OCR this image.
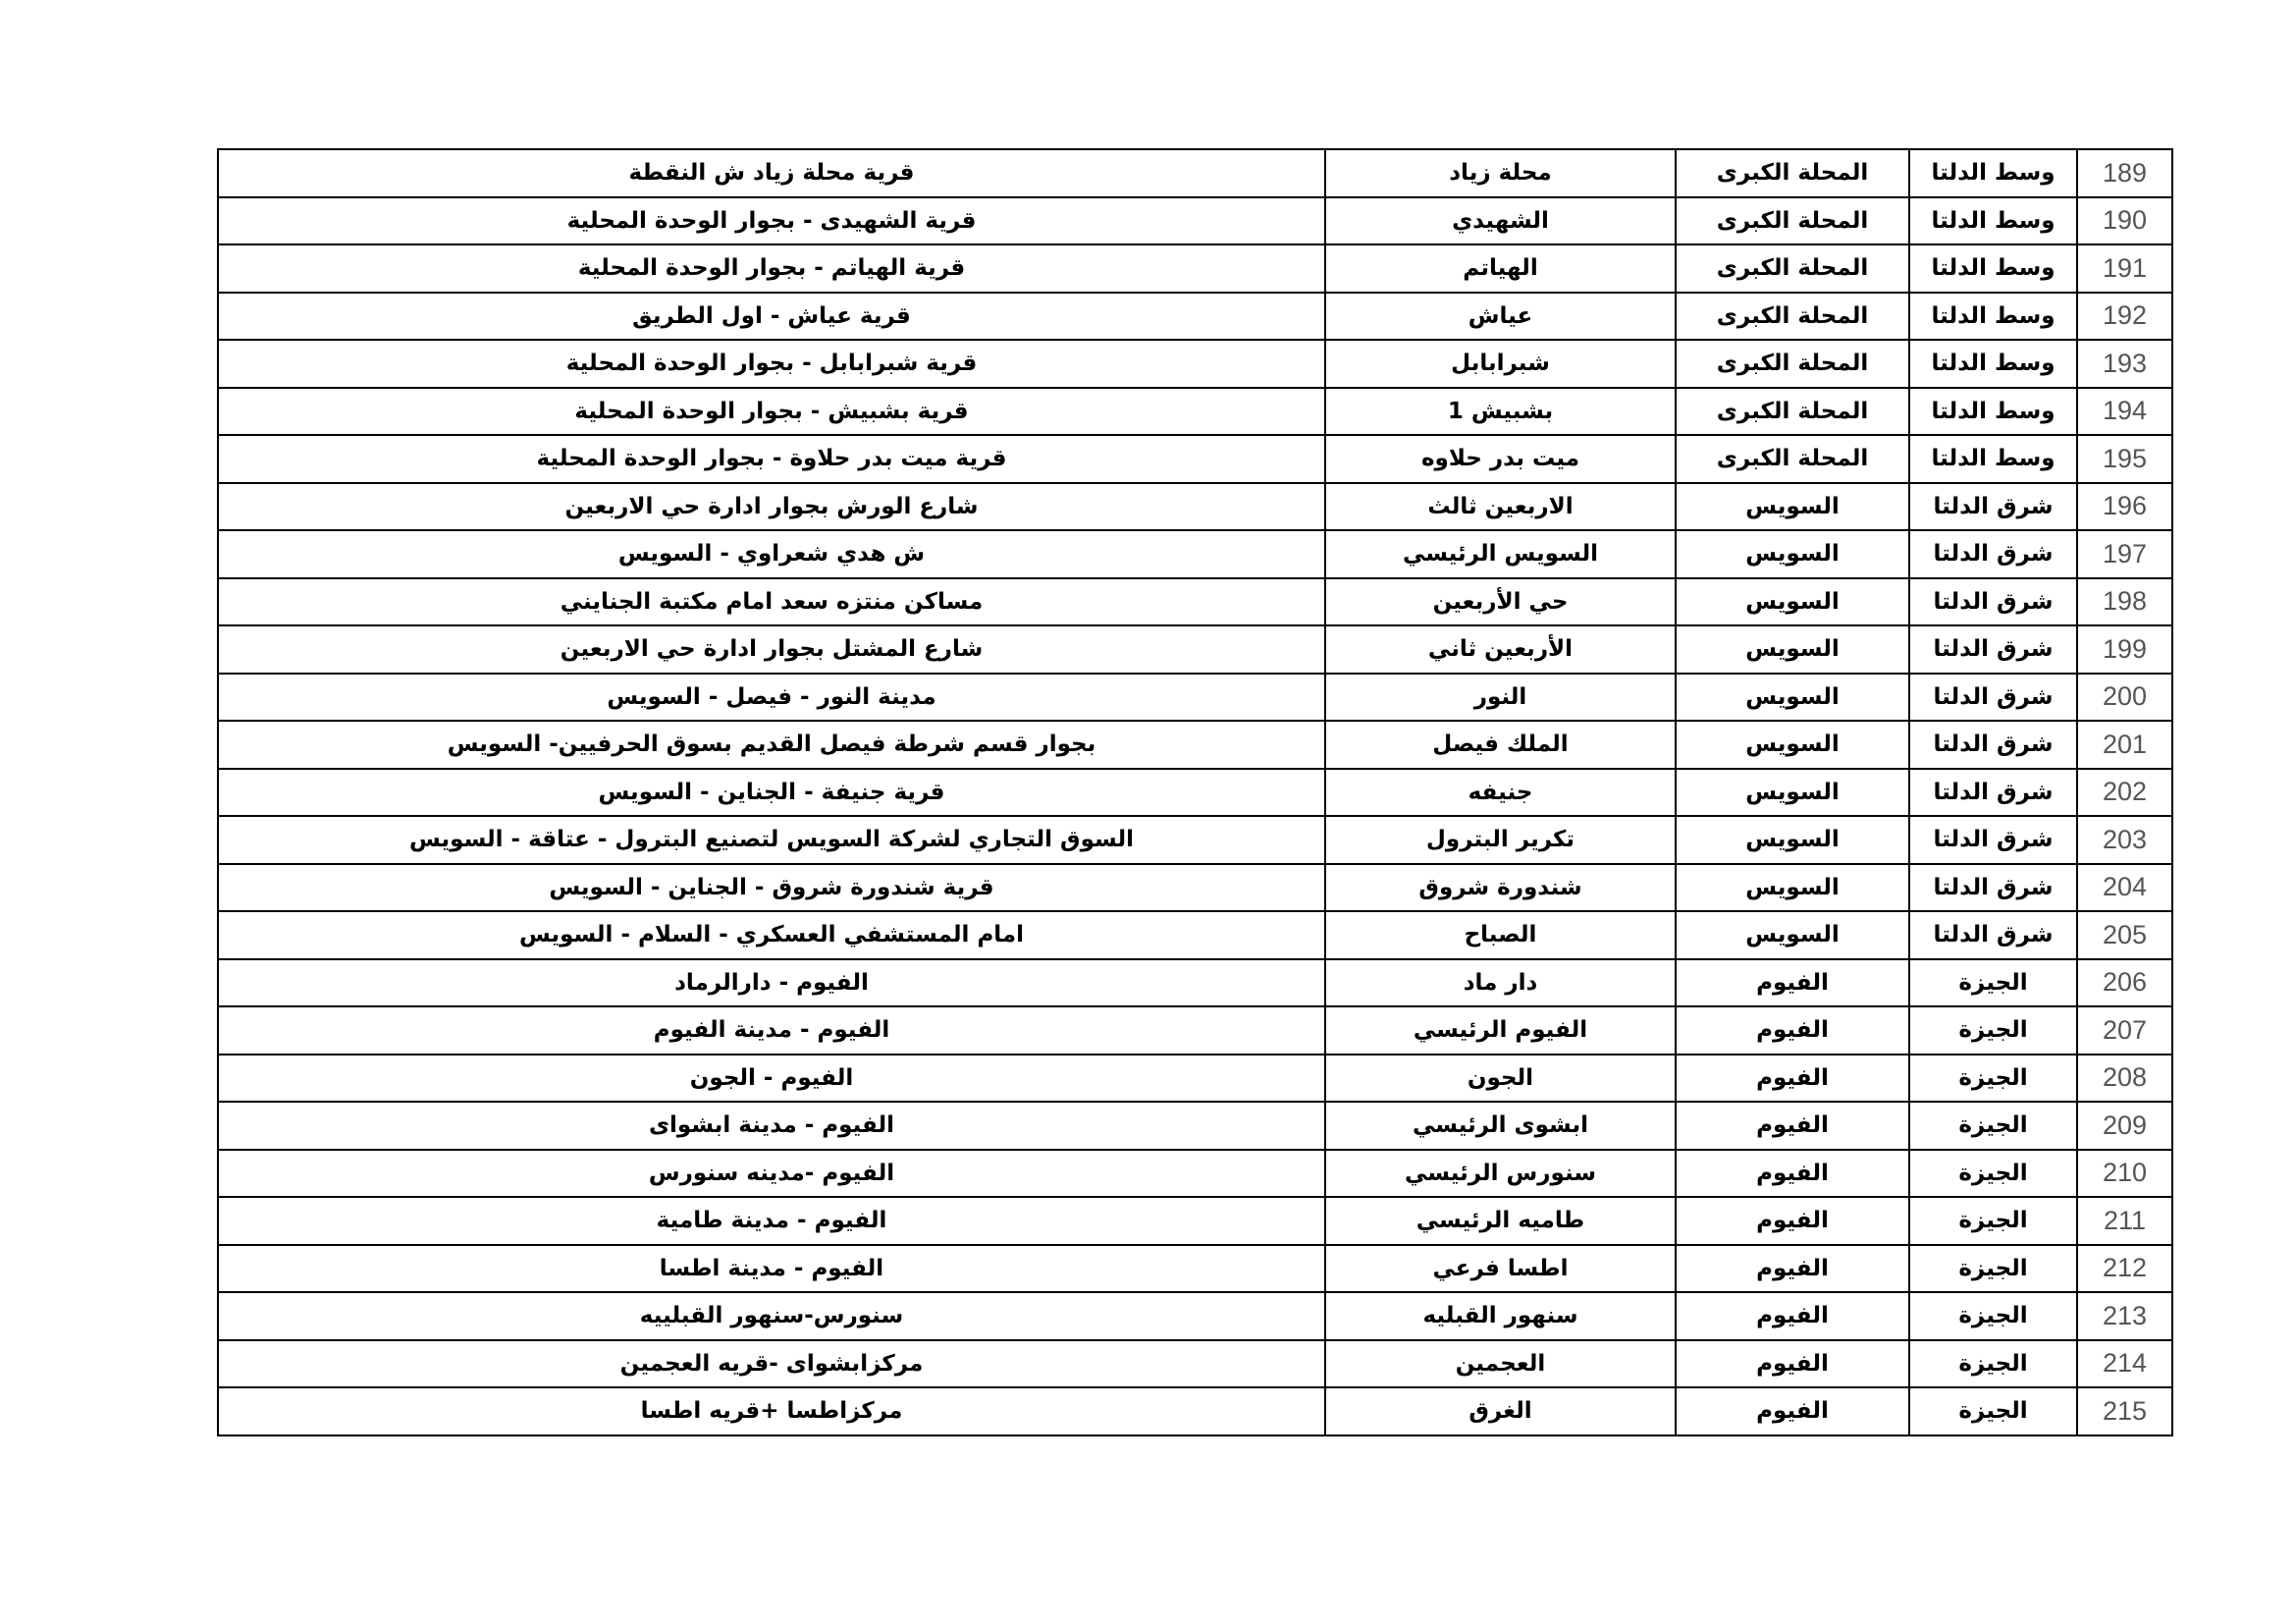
189	وسط الدلتا	المحلة الكبرى	محلة زياد	قرية محلة زياد ش النقطة
190	وسط الدلتا	المحلة الكبرى	الشهيدي	قرية الشهيدى - بجوار الوحدة المحلية
191	وسط الدلتا	المحلة الكبرى	الهياتم	قرية الهياتم - بجوار الوحدة المحلية
192	وسط الدلتا	المحلة الكبرى	عياش	قرية عياش - اول الطريق
193	وسط الدلتا	المحلة الكبرى	شبرابابل	قرية شبرابابل - بجوار الوحدة المحلية
194	وسط الدلتا	المحلة الكبرى	بشبيش 1	قرية بشبيش - بجوار الوحدة المحلية
195	وسط الدلتا	المحلة الكبرى	ميت بدر حلاوه	قرية ميت بدر حلاوة - بجوار الوحدة المحلية
196	شرق الدلتا	السويس	الاربعين ثالث	شارع الورش بجوار ادارة حي الاربعين
197	شرق الدلتا	السويس	السويس الرئيسي	ش هدي شعراوي - السويس
198	شرق الدلتا	السويس	حي الأربعين	مساكن منتزه سعد امام مكتبة الجنايني
199	شرق الدلتا	السويس	الأربعين ثاني	شارع المشتل بجوار ادارة حي الاربعين
200	شرق الدلتا	السويس	النور	مدينة النور - فيصل - السويس
201	شرق الدلتا	السويس	الملك فيصل	بجوار قسم شرطة فيصل القديم بسوق الحرفيين- السويس
202	شرق الدلتا	السويس	جنيفه	قرية جنيفة - الجناين - السويس
203	شرق الدلتا	السويس	تكرير البترول	السوق التجاري لشركة السويس لتصنيع البترول - عتاقة - السويس
204	شرق الدلتا	السويس	شندورة شروق	قرية شندورة شروق - الجناين - السويس
205	شرق الدلتا	السويس	الصباح	امام المستشفي العسكري - السلام - السويس
206	الجيزة	الفيوم	دار ماد	الفيوم - دارالرماد
207	الجيزة	الفيوم	الفيوم الرئيسي	الفيوم - مدينة الفيوم
208	الجيزة	الفيوم	الجون	الفيوم - الجون
209	الجيزة	الفيوم	ابشوى الرئيسي	الفيوم - مدينة ابشواى
210	الجيزة	الفيوم	سنورس الرئيسي	الفيوم -مدينه سنورس
211	الجيزة	الفيوم	طاميه الرئيسي	الفيوم - مدينة طامية
212	الجيزة	الفيوم	اطسا فرعي	الفيوم - مدينة اطسا
213	الجيزة	الفيوم	سنهور القبليه	سنورس-سنهور القبلييه
214	الجيزة	الفيوم	العجمين	مركزابشواى -قريه العجمين
215	الجيزة	الفيوم	الغرق	مركزاطسا +قريه اطسا
